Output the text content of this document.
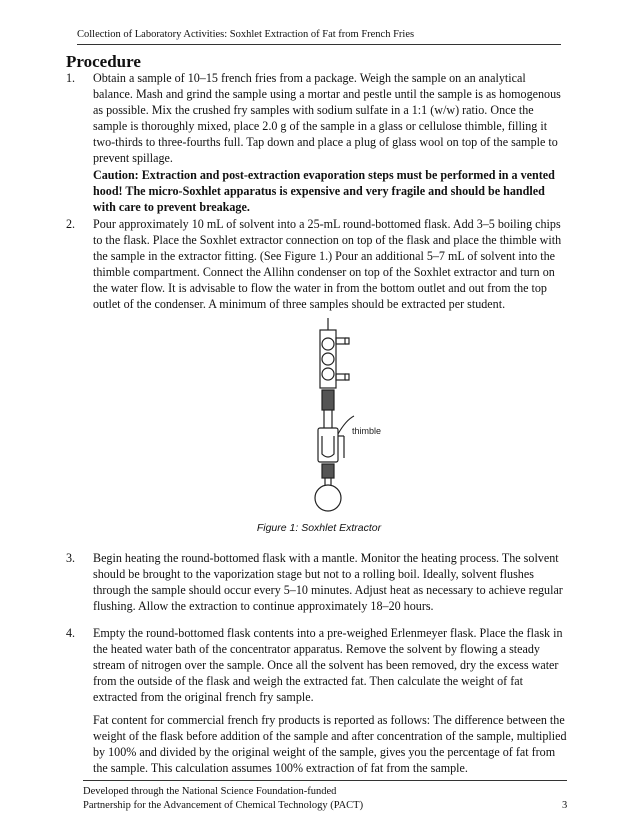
Collection of Laboratory Activities: Soxhlet Extraction of Fat from French Fries
Procedure
1. Obtain a sample of 10–15 french fries from a package. Weigh the sample on an analytical balance. Mash and grind the sample using a mortar and pestle until the sample is as homogenous as possible. Mix the crushed fry samples with sodium sulfate in a 1:1 (w/w) ratio. Once the sample is thoroughly mixed, place 2.0 g of the sample in a glass or cellulose thimble, filling it two-thirds to three-fourths full. Tap down and place a plug of glass wool on top of the sample to prevent spillage.
Caution: Extraction and post-extraction evaporation steps must be performed in a vented hood! The micro-Soxhlet apparatus is expensive and very fragile and should be handled with care to prevent breakage.
2. Pour approximately 10 mL of solvent into a 25-mL round-bottomed flask. Add 3–5 boiling chips to the flask. Place the Soxhlet extractor connection on top of the flask and place the thimble with the sample in the extractor fitting. (See Figure 1.) Pour an additional 5–7 mL of solvent into the thimble compartment. Connect the Allihn condenser on top of the Soxhlet extractor and turn on the water flow. It is advisable to flow the water in from the bottom outlet and out from the top outlet of the condenser. A minimum of three samples should be extracted per student.
thimble
Figure 1: Soxhlet Extractor
3. Begin heating the round-bottomed flask with a mantle. Monitor the heating process. The solvent should be brought to the vaporization stage but not to a rolling boil. Ideally, solvent flushes through the sample should occur every 5–10 minutes. Adjust heat as necessary to achieve regular flushing. Allow the extraction to continue approximately 18–20 hours.
4. Empty the round-bottomed flask contents into a pre-weighed Erlenmeyer flask. Place the flask in the heated water bath of the concentrator apparatus. Remove the solvent by flowing a steady stream of nitrogen over the sample. Once all the solvent has been removed, dry the excess water from the outside of the flask and weigh the extracted fat. Then calculate the weight of fat extracted from the original french fry sample.
Fat content for commercial french fry products is reported as follows: The difference between the weight of the flask before addition of the sample and after concentration of the sample, multiplied by 100% and divided by the original weight of the sample, gives you the percentage of fat from the sample. This calculation assumes 100% extraction of fat from the sample.
Developed through the National Science Foundation-funded
Partnership for the Advancement of Chemical Technology (PACT)	3
